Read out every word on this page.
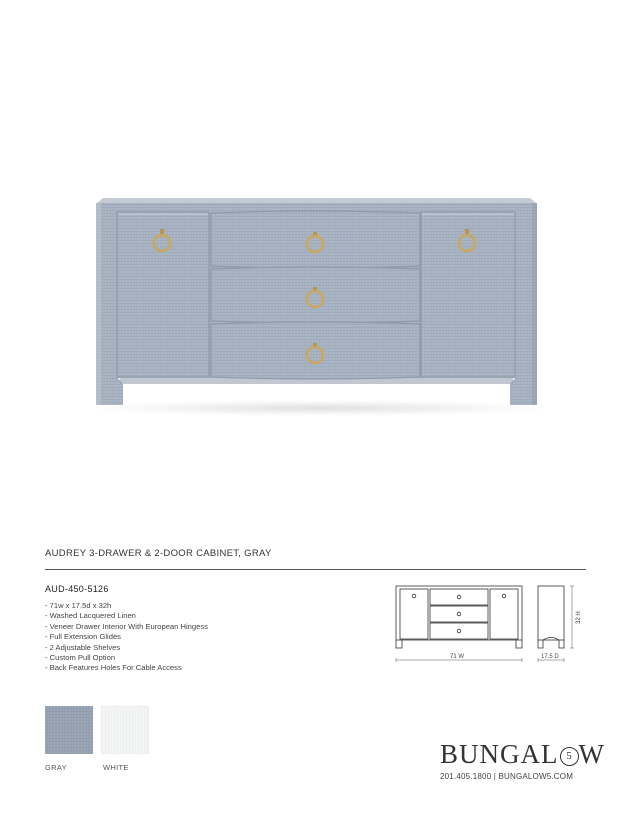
AUDREY 3-DRAWER & 2-DOOR CABINET, GRAY
AUD-450-5126
- 71w x 17.5d x 32h
- Washed Lacquered Linen
- Veneer Drawer Interior With European Hingess
- Full Extension Glides
- 2 Adjustable Shelves
- Custom Pull Option
- Back Features Holes For Cable Access
71 W	17.5 D
32 H
GRAY	WHITE	BUNGAL 5 W
201.405.1800 | BUNGALOW5.COM
